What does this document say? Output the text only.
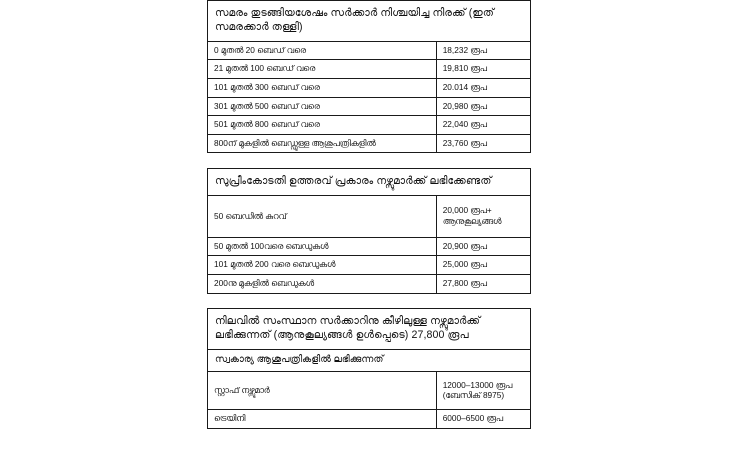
സമരം തുടങ്ങിയശേഷം സർക്കാർ നിശ്ചയിച്ച നിരക്ക് (ഇത് സമരക്കാർ തള്ളി)	
0 മുതൽ 20 ബെഡ് വരെ	18,232 രൂപ
21 മുതൽ 100 ബെഡ് വരെ	19,810 രൂപ
101 മുതൽ 300 ബെഡ് വരെ	20.014 രൂപ
301 മുതൽ 500 ബെഡ് വരെ	20,980 രൂപ
501 മുതൽ 800 ബെഡ് വരെ	22,040 രൂപ
800ന് മുകളിൽ ബെഡ്ഡുള്ള ആശുപത്രികളിൽ	23,760 രൂപ
സുപ്രീംകോടതി ഉത്തരവ് പ്രകാരം നഴ്സുമാർക്ക് ലഭിക്കേണ്ടത്	
50 ബെഡിൽ കുറവ്	20,000 രൂപ+ ആനുകൂല്യങ്ങൾ
50 മുതൽ 100വരെ ബെഡുകൾ	20,900 രൂപ
101 മുതൽ 200 വരെ ബെഡുകൾ	25,000 രൂപ
200നു മുകളിൽ ബെഡുകൾ	27,800 രൂപ
നിലവിൽ സംസ്ഥാന സർക്കാറിനു കീഴിലുള്ള നഴ്സുമാർക്ക് ലഭിക്കുന്നത് (ആനുകൂല്യങ്ങൾ ഉൾപ്പെടെ) 27,800 രൂപ	
സ്വകാര്യ ആശുപത്രികളിൽ ലഭിക്കുന്നത്	
സ്റ്റാഫ് നഴ്സുമാർ	12000–13000 രൂപ (ബേസിക് 8975)
ട്രെയിനി	6000–6500 രൂപ
